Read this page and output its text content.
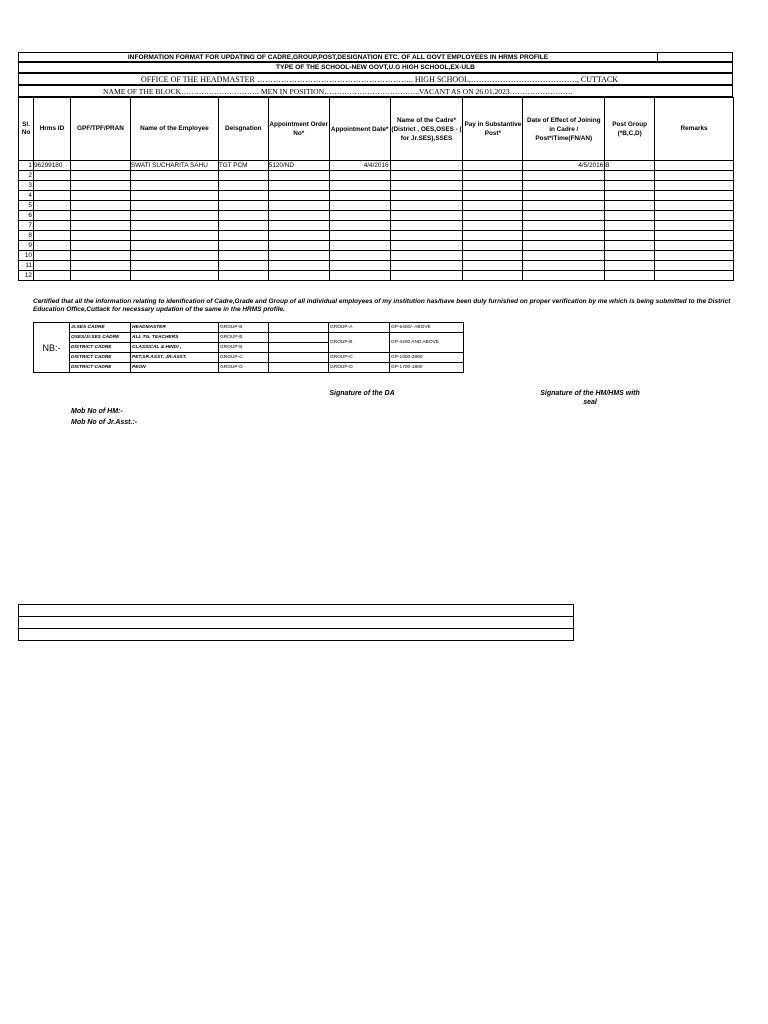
INFORMATION FORMAT FOR UPDATING OF CADRE,GROUP,POST,DESIGNATION ETC. OF ALL GOVT EMPLOYEES IN HRMS PROFILE
TYPE OF THE SCHOOL-NEW GOVT,U.G HIGH SCHOOL,EX-ULB
OFFICE OF THE HEADMASTER ………………………………………………….. HIGH SCHOOL,…………………………………., CUTTACK
NAME OF THE BLOCK…………………………. MEN IN POSITION………………………………..VACANT AS ON 26.01.2023…………………….
Sl. No	Hrms ID	GPF/TPF/PRAN	Name of the Employee	Deisgnation	Appointment Order No*	Appointment Date*	Name of the Cadre*(District , OES,OSES - ( for Jr.SES),SSES	Pay in Substantive Post*	Date of Effect of Joining in Cadre / Post*/Time(FN/AN)	Post Group (*B,C,D)	Remarks
1	96299180		SWATI SUCHARITA SAHU	TGT PCM	5120/ND	4/4/2016			4/5/2016	B	
2											
3											
4											
5											
6											
7											
8											
9											
10											
11											
12											
Certified that all the information relating to idenification of Cadre,Grade and Group of all individual employees of my institution has/have been duly furnished on proper verification by me which is being submitted to the District Education Office,Cuttack for necessary updation of the same in the HRMS profile.
NB:-	Jr.SES CADRE	HEADMASTER	GROUP-B		GROUP-A	GP-5400/- ABOVE
	OSES/Jr.SES CADRE	ALL TG. TEACHERS	GROUP-B		GROUP-B	GP-4200 AND ABOVE
	DISTRICT CADRE	CLASSICAL & HINDI ,	GROUP-B			
	DISTRICT CADRE	PET,SR.ASST. JR.ASST.	GROUP-C		GROUP-C	GP-1900-2800
	DISTRICT CADRE	PEON	GROUP-D		GROUP-D	GP-1700-1800
Signature of the DA	Signature of the HM/HMS with seal
Mob No of HM:-
Mob No of Jr.Asst.:-
